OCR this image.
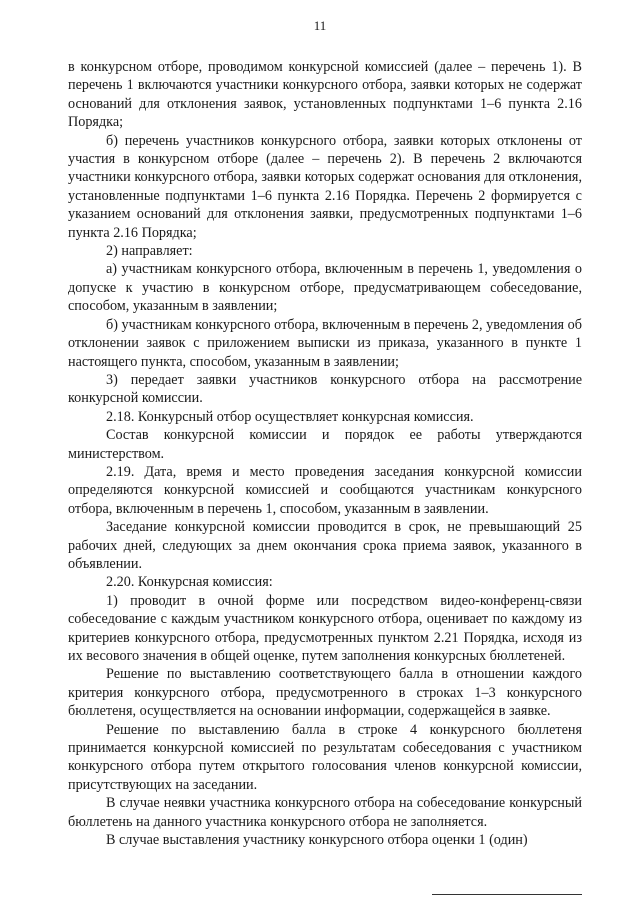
11

в конкурсном отборе, проводимом конкурсной комиссией (далее – перечень 1). В перечень 1 включаются участники конкурсного отбора, заявки которых не содержат оснований для отклонения заявок, установленных подпунктами 1–6 пункта 2.16 Порядка;

б) перечень участников конкурсного отбора, заявки которых отклонены от участия в конкурсном отборе (далее – перечень 2). В перечень 2 включаются участники конкурсного отбора, заявки которых содержат основания для отклонения, установленные подпунктами 1–6 пункта 2.16 Порядка. Перечень 2 формируется с указанием оснований для отклонения заявки, предусмотренных подпунктами 1–6 пункта 2.16 Порядка;

2) направляет:

а) участникам конкурсного отбора, включенным в перечень 1, уведомления о допуске к участию в конкурсном отборе, предусматривающем собеседование, способом, указанным в заявлении;

б) участникам конкурсного отбора, включенным в перечень 2, уведомления об отклонении заявок с приложением выписки из приказа, указанного в пункте 1 настоящего пункта, способом, указанным в заявлении;

3) передает заявки участников конкурсного отбора на рассмотрение конкурсной комиссии.

2.18. Конкурсный отбор осуществляет конкурсная комиссия.

Состав конкурсной комиссии и порядок ее работы утверждаются министерством.

2.19. Дата, время и место проведения заседания конкурсной комиссии определяются конкурсной комиссией и сообщаются участникам конкурсного отбора, включенным в перечень 1, способом, указанным в заявлении.

Заседание конкурсной комиссии проводится в срок, не превышающий 25 рабочих дней, следующих за днем окончания срока приема заявок, указанного в объявлении.

2.20. Конкурсная комиссия:

1) проводит в очной форме или посредством видео-конференц-связи собеседование с каждым участником конкурсного отбора, оценивает по каждому из критериев конкурсного отбора, предусмотренных пунктом 2.21 Порядка, исходя из их весового значения в общей оценке, путем заполнения конкурсных бюллетеней.

Решение по выставлению соответствующего балла в отношении каждого критерия конкурсного отбора, предусмотренного в строках 1–3 конкурсного бюллетеня, осуществляется на основании информации, содержащейся в заявке.

Решение по выставлению балла в строке 4 конкурсного бюллетеня принимается конкурсной комиссией по результатам собеседования с участником конкурсного отбора путем открытого голосования членов конкурсной комиссии, присутствующих на заседании.

В случае неявки участника конкурсного отбора на собеседование конкурсный бюллетень на данного участника конкурсного отбора не заполняется.

В случае выставления участнику конкурсного отбора оценки 1 (один)
